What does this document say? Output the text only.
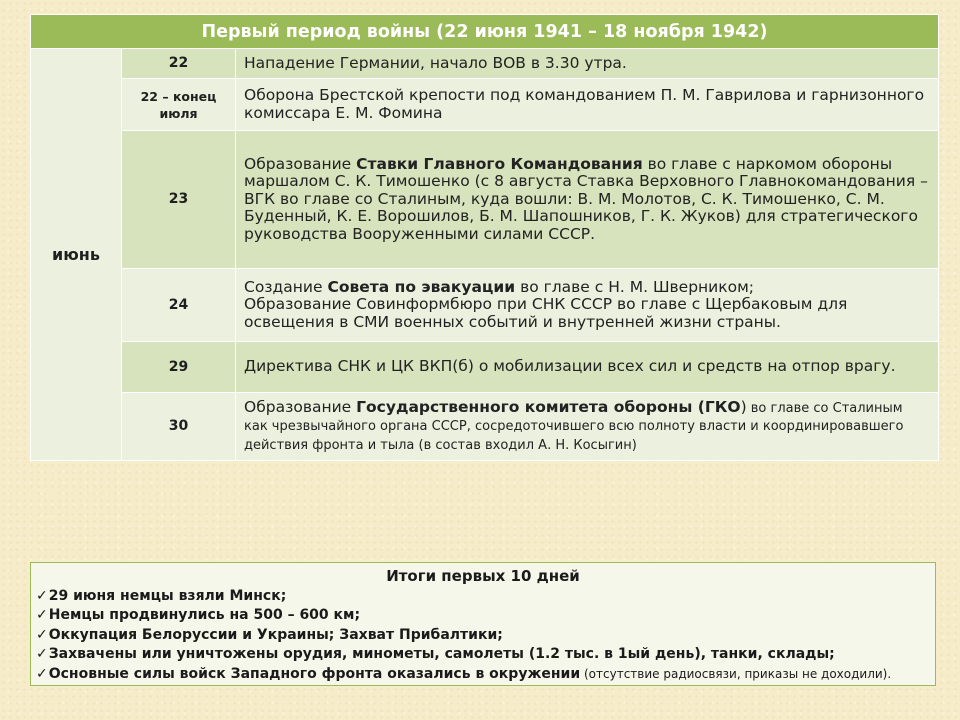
Первый период войны (22 июня 1941 – 18 ноября 1942)		
июнь	22	Нападение Германии, начало ВОВ в 3.30 утра.
	22 – конец июля	Оборона Брестской крепости под командованием П. М. Гаврилова и гарнизонного комиссара Е. М. Фомина
	23	Образование Ставки Главного Командования во главе с наркомом обороны маршалом С. К. Тимошенко (с 8 августа Ставка Верховного Главнокомандования – ВГК во главе со Сталиным, куда вошли: В. М. Молотов, С. К. Тимошенко, С. М. Буденный, К. Е. Ворошилов, Б. М. Шапошников, Г. К. Жуков) для стратегического руководства Вооруженными силами СССР.
	24	Создание Совета по эвакуации во главе с Н. М. Шверником;
Образование Совинформбюро при СНК СССР во главе с Щербаковым для освещения в СМИ военных событий и внутренней жизни страны.
	29	Директива СНК и ЦК ВКП(б) о мобилизации всех сил и средств на отпор врагу.
	30	Образование Государственного комитета обороны (ГКО) во главе со Сталиным как чрезвычайного органа СССР, сосредоточившего всю полноту власти и координировавшего действия фронта и тыла (в состав входил А. Н. Косыгин)
Итоги первых 10 дней
✓29 июня немцы взяли Минск;
✓Немцы продвинулись на 500 – 600 км;
✓Оккупация Белоруссии и Украины; Захват Прибалтики;
✓Захвачены или уничтожены орудия, минометы, самолеты (1.2 тыс. в 1ый день), танки, склады;
✓Основные силы войск Западного фронта оказались в окружении (отсутствие радиосвязи, приказы не доходили).
